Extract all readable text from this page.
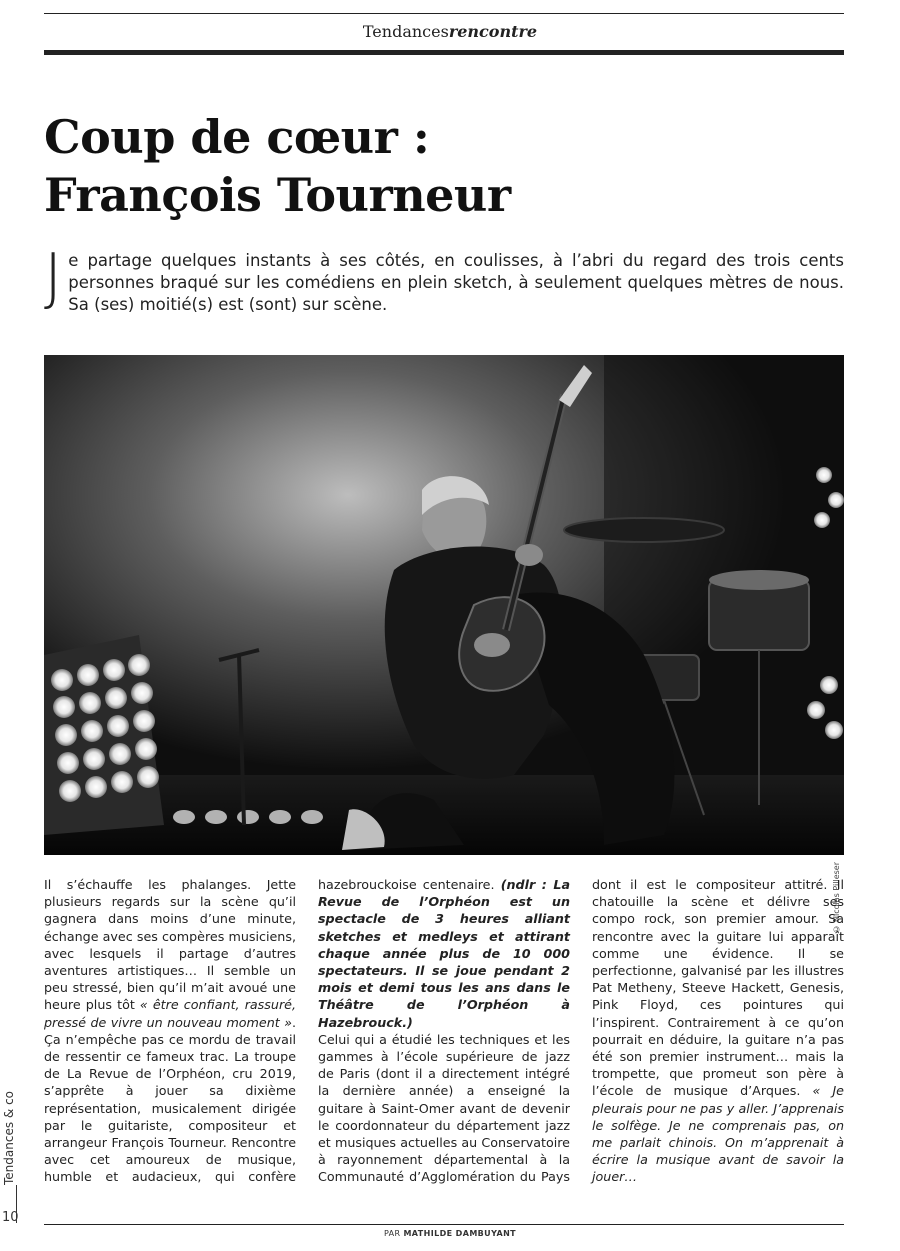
Tendancesrencontre
Coup de cœur :
François Tourneur

Je partage quelques instants à ses côtés, en coulisses, à l’abri du regard des trois cents personnes braqué sur les comédiens en plein sketch, à seulement quelques mètres de nous. Sa (ses) moitié(s) est (sont) sur scène.

© Nicolas Pilleser

Il s’échauffe les phalanges. Jette plusieurs regards sur la scène qu’il gagnera dans moins d’une minute, échange avec ses compères musiciens, avec lesquels il partage d’autres aventures artistiques… Il semble un peu stressé, bien qu’il m’ait avoué une heure plus tôt « être confiant, rassuré, pressé de vivre un nouveau moment ». Ça n’empêche pas ce mordu de travail de ressentir ce fameux trac. La troupe de La Revue de l’Orphéon, cru 2019, s’apprête à jouer sa dixième représentation, musicalement dirigée par le guitariste, compositeur et arrangeur François Tourneur. Rencontre avec cet amoureux de musique, humble et audacieux, qui confère

hazebrouckoise centenaire. (ndlr : La Revue de l’Orphéon est un spectacle de 3 heures alliant sketches et medleys et attirant chaque année plus de 10 000 spectateurs. Il se joue pendant 2 mois et demi tous les ans dans le Théâtre de l’Orphéon à Hazebrouck.)

Celui qui a étudié les techniques et les gammes à l’école supérieure de jazz de Paris (dont il a directement intégré la dernière année) a enseigné la guitare à Saint-Omer avant de devenir le coordonnateur du département jazz et musiques actuelles au Conservatoire à rayonnement départemental à la Communauté d’Agglomération du Pays

dont il est le compositeur attitré. Il chatouille la scène et délivre ses compo rock, son premier amour. Sa rencontre avec la guitare lui apparaît comme une évidence. Il se perfectionne, galvanisé par les illustres Pat Metheny, Steeve Hackett, Genesis, Pink Floyd, ces pointures qui l’inspirent. Contrairement à ce qu’on pourrait en déduire, la guitare n’a pas été son premier instrument… mais la trompette, que promeut son père à l’école de musique d’Arques. « Je pleurais pour ne pas y aller. J’apprenais le solfège. Je ne comprenais pas, on me parlait chinois. On m’apprenait à écrire la musique avant de savoir la jouer…

Tendances & co
10
PAR MATHILDE DAMBUYANT
